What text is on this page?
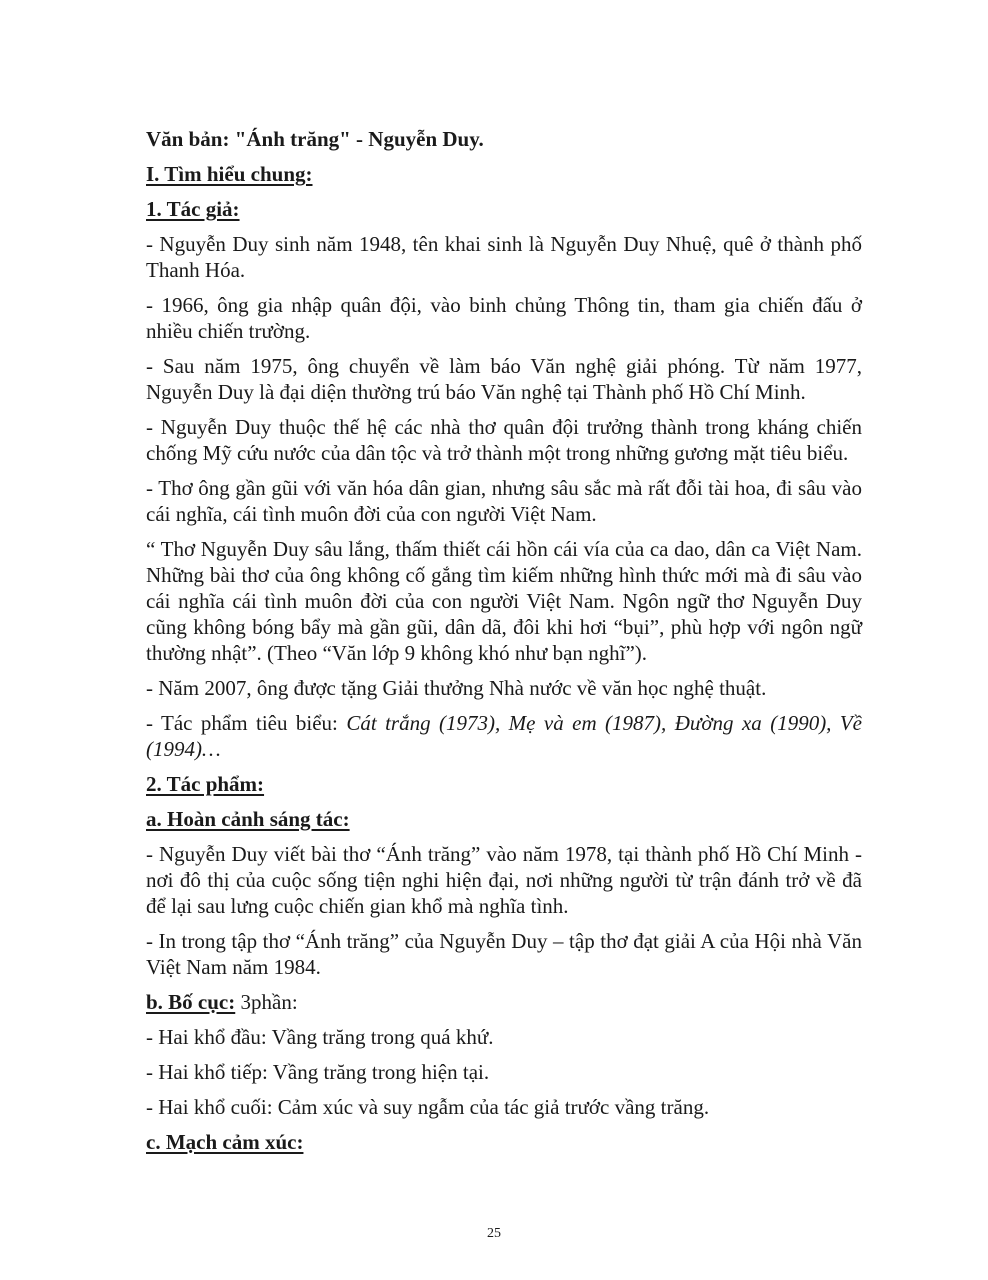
Văn bản: "Ánh trăng" - Nguyễn Duy.

I. Tìm hiểu chung:

1. Tác giả:

- Nguyễn Duy sinh năm 1948, tên khai sinh là Nguyễn Duy Nhuệ, quê ở thành phố Thanh Hóa.

- 1966, ông gia nhập quân đội, vào binh chủng Thông tin, tham gia chiến đấu ở nhiều chiến trường.

- Sau năm 1975, ông chuyển về làm báo Văn nghệ giải phóng. Từ năm 1977, Nguyễn Duy là đại diện thường trú báo Văn nghệ tại Thành phố Hồ Chí Minh.

- Nguyễn Duy thuộc thế hệ các nhà thơ quân đội trưởng thành trong kháng chiến chống Mỹ cứu nước của dân tộc và trở thành một trong những gương mặt tiêu biểu.

- Thơ ông gần gũi với văn hóa dân gian, nhưng sâu sắc mà rất đỗi tài hoa, đi sâu vào cái nghĩa, cái tình muôn đời của con người Việt Nam.

“ Thơ Nguyễn Duy sâu lắng, thấm thiết cái hồn cái vía của ca dao, dân ca Việt Nam. Những bài thơ của ông không cố gắng tìm kiếm những hình thức mới mà đi sâu vào cái nghĩa cái tình muôn đời của con người Việt Nam. Ngôn ngữ thơ Nguyễn Duy cũng không bóng bẩy mà gần gũi, dân dã, đôi khi hơi “bụi”, phù hợp với ngôn ngữ thường nhật”. (Theo “Văn lớp 9 không khó như bạn nghĩ”).

- Năm 2007, ông được tặng Giải thưởng Nhà nước về văn học nghệ thuật.

- Tác phẩm tiêu biểu: Cát trắng (1973), Mẹ và em (1987), Đường xa (1990), Về (1994)…

2. Tác phẩm:

a. Hoàn cảnh sáng tác:

- Nguyễn Duy viết bài thơ “Ánh trăng” vào năm 1978, tại thành phố Hồ Chí Minh - nơi đô thị của cuộc sống tiện nghi hiện đại, nơi những người từ trận đánh trở về đã để lại sau lưng cuộc chiến gian khổ mà nghĩa tình.

- In trong tập thơ “Ánh trăng” của Nguyễn Duy – tập thơ đạt giải A của Hội nhà Văn Việt Nam năm 1984.

b. Bố cục: 3phần:

- Hai khổ đầu: Vầng trăng trong quá khứ.

- Hai khổ tiếp: Vầng trăng trong hiện tại.

- Hai khổ cuối: Cảm xúc và suy ngẫm của tác giả trước vầng trăng.

c. Mạch cảm xúc:

25
